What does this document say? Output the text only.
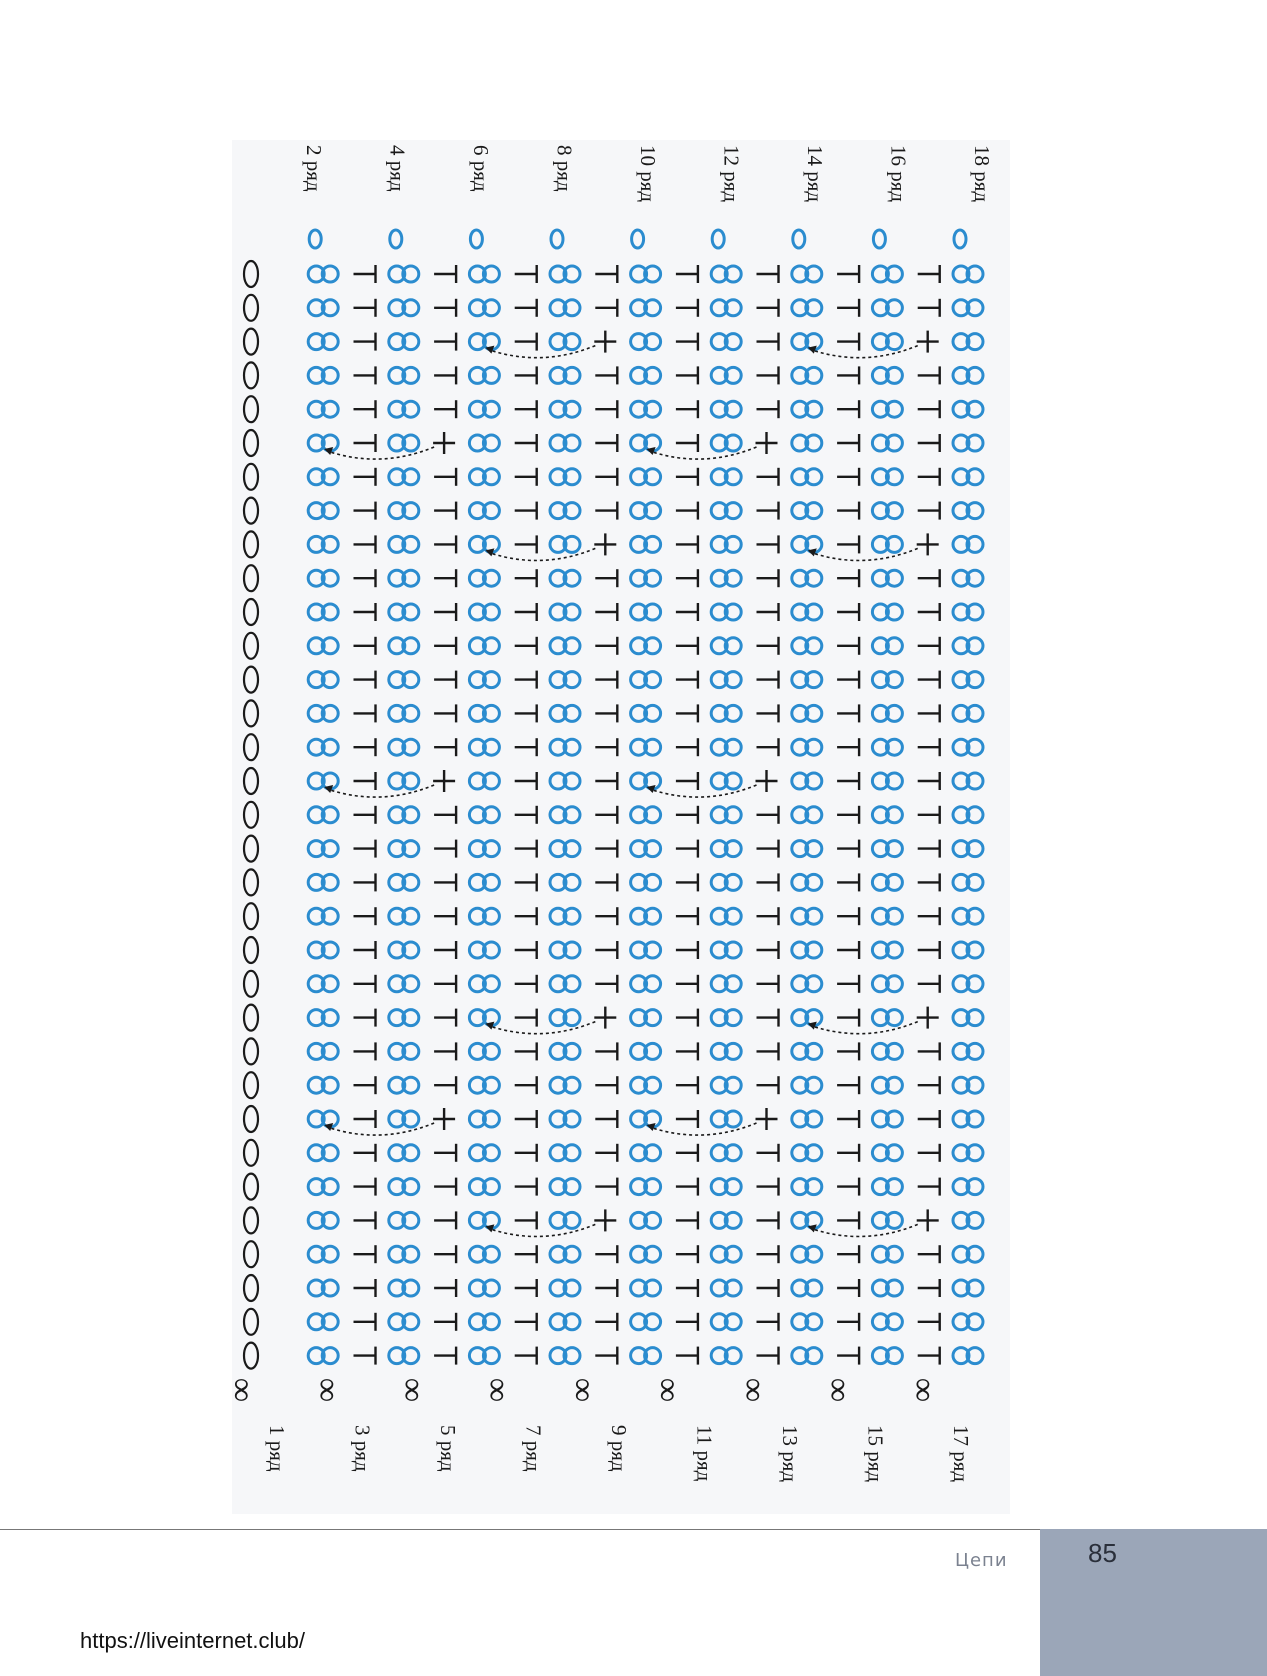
∞
∞
∞
∞
∞
∞
∞
∞
∞
18 ряд
16 ряд
14 ряд
12 ряд
10 ряд
8 ряд
6 ряд
4 ряд
2 ряд
17 ряд
15 ряд
13 ряд
11 ряд
9 ряд
7 ряд
5 ряд
3 ряд
1 ряд
Цепи	85
https://liveinternet.club/
